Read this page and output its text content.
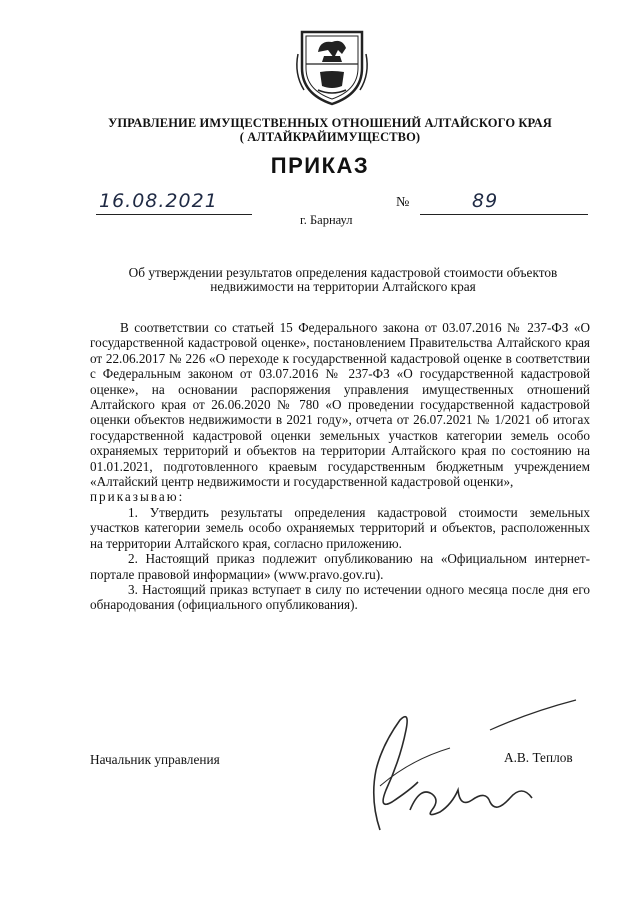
УПРАВЛЕНИЕ ИМУЩЕСТВЕННЫХ ОТНОШЕНИЙ АЛТАЙСКОГО КРАЯ
( АЛТАЙКРАЙИМУЩЕСТВО)
ПРИКАЗ
16.08.2021	№	89
г. Барнаул
Об утверждении результатов определения кадастровой стоимости объектов
недвижимости на территории Алтайского края

В соответствии со статьей 15 Федерального закона от 03.07.2016 № 237-ФЗ «О государственной кадастровой оценке», постановлением Правительства Алтайского края от 22.06.2017 № 226 «О переходе к государственной кадастровой оценке в соответствии с Федеральным законом от 03.07.2016 № 237-ФЗ «О государственной кадастровой оценке», на основании распоряжения управления имущественных отношений Алтайского края от 26.06.2020 № 780 «О проведении государственной кадастровой оценки объектов недвижимости в 2021 году», отчета от 26.07.2021 № 1/2021 об итогах государственной кадастровой оценки земельных участков категории земель особо охраняемых территорий и объектов на территории Алтайского края по состоянию на 01.01.2021, подготовленного краевым государственным бюджетным учреждением «Алтайский центр недвижимости и государственной кадастровой оценки»,

приказываю:

1. Утвердить результаты определения кадастровой стоимости земельных участков категории земель особо охраняемых территорий и объектов, расположенных на территории Алтайского края, согласно приложению.

2. Настоящий приказ подлежит опубликованию на «Официальном интернет-портале правовой информации» (www.pravo.gov.ru).

3. Настоящий приказ вступает в силу по истечении одного месяца после дня его обнародования (официального опубликования).

Начальник управления	А.В. Теплов
